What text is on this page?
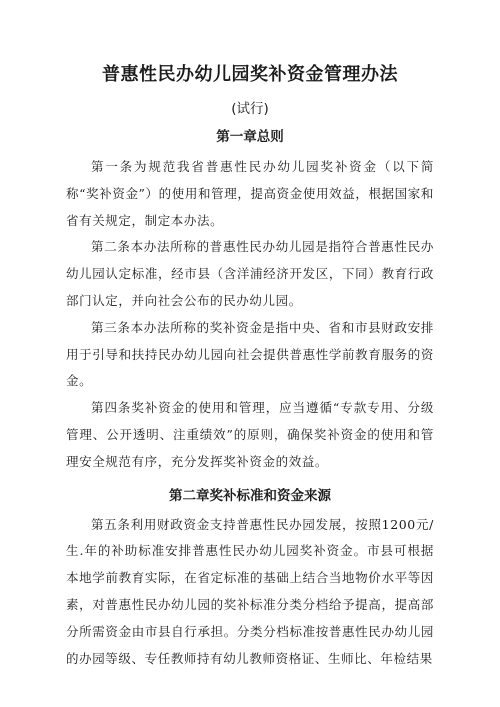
普惠性民办幼儿园奖补资金管理办法
(试行)
第一章总则

第一条为规范我省普惠性民办幼儿园奖补资金（以下简称“奖补资金”）的使用和管理，提高资金使用效益，根据国家和省有关规定，制定本办法。

第二条本办法所称的普惠性民办幼儿园是指符合普惠性民办幼儿园认定标准，经市县（含洋浦经济开发区，下同）教育行政部门认定，并向社会公布的民办幼儿园。

第三条本办法所称的奖补资金是指中央、省和市县财政安排用于引导和扶持民办幼儿园向社会提供普惠性学前教育服务的资金。

第四条奖补资金的使用和管理，应当遵循“专款专用、分级管理、公开透明、注重绩效”的原则，确保奖补资金的使用和管理安全规范有序，充分发挥奖补资金的效益。

第二章奖补标准和资金来源

第五条利用财政资金支持普惠性民办园发展，按照1200元/生.年的补助标准安排普惠性民办幼儿园奖补资金。市县可根据本地学前教育实际，在省定标准的基础上结合当地物价水平等因素，对普惠性民办幼儿园的奖补标准分类分档给予提高，提高部分所需资金由市县自行承担。分类分档标准按普惠性民办幼儿园的办园等级、专任教师持有幼儿教师资格证、生师比、年检结果
